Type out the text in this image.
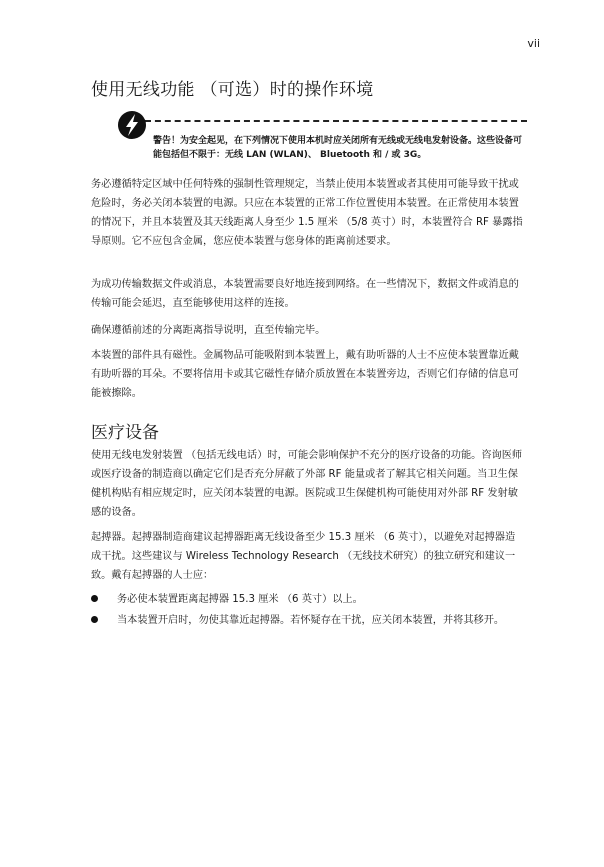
vii
使用无线功能 （可选）时的操作环境
警告！为安全起见，在下列情况下使用本机时应关闭所有无线或无线电发射设备。这些设备可能包括但不限于：无线 LAN (WLAN)、 Bluetooth 和 / 或 3G。
务必遵循特定区域中任何特殊的强制性管理规定，当禁止使用本装置或者其使用可能导致干扰或危险时，务必关闭本装置的电源。只应在本装置的正常工作位置使用本装置。在正常使用本装置的情况下，并且本装置及其天线距离人身至少 1.5 厘米 （5/8 英寸）时，本装置符合 RF 暴露指导原则。它不应包含金属，您应使本装置与您身体的距离前述要求。
为成功传输数据文件或消息，本装置需要良好地连接到网络。在一些情况下，数据文件或消息的传输可能会延迟，直至能够使用这样的连接。
确保遵循前述的分离距离指导说明，直至传输完毕。
本装置的部件具有磁性。金属物品可能吸附到本装置上，戴有助听器的人士不应使本装置靠近戴有助听器的耳朵。不要将信用卡或其它磁性存储介质放置在本装置旁边，否则它们存储的信息可能被擦除。
医疗设备
使用无线电发射装置 （包括无线电话）时，可能会影响保护不充分的医疗设备的功能。咨询医师或医疗设备的制造商以确定它们是否充分屏蔽了外部 RF 能量或者了解其它相关问题。当卫生保健机构贴有相应规定时，应关闭本装置的电源。医院或卫生保健机构可能使用对外部 RF 发射敏感的设备。
起搏器。起搏器制造商建议起搏器距离无线设备至少 15.3 厘米 （6 英寸），以避免对起搏器造成干扰。这些建议与 Wireless Technology Research （无线技术研究）的独立研究和建议一致。戴有起搏器的人士应：
务必使本装置距离起搏器 15.3 厘米 （6 英寸）以上。
当本装置开启时，勿使其靠近起搏器。若怀疑存在干扰，应关闭本装置，并将其移开。
